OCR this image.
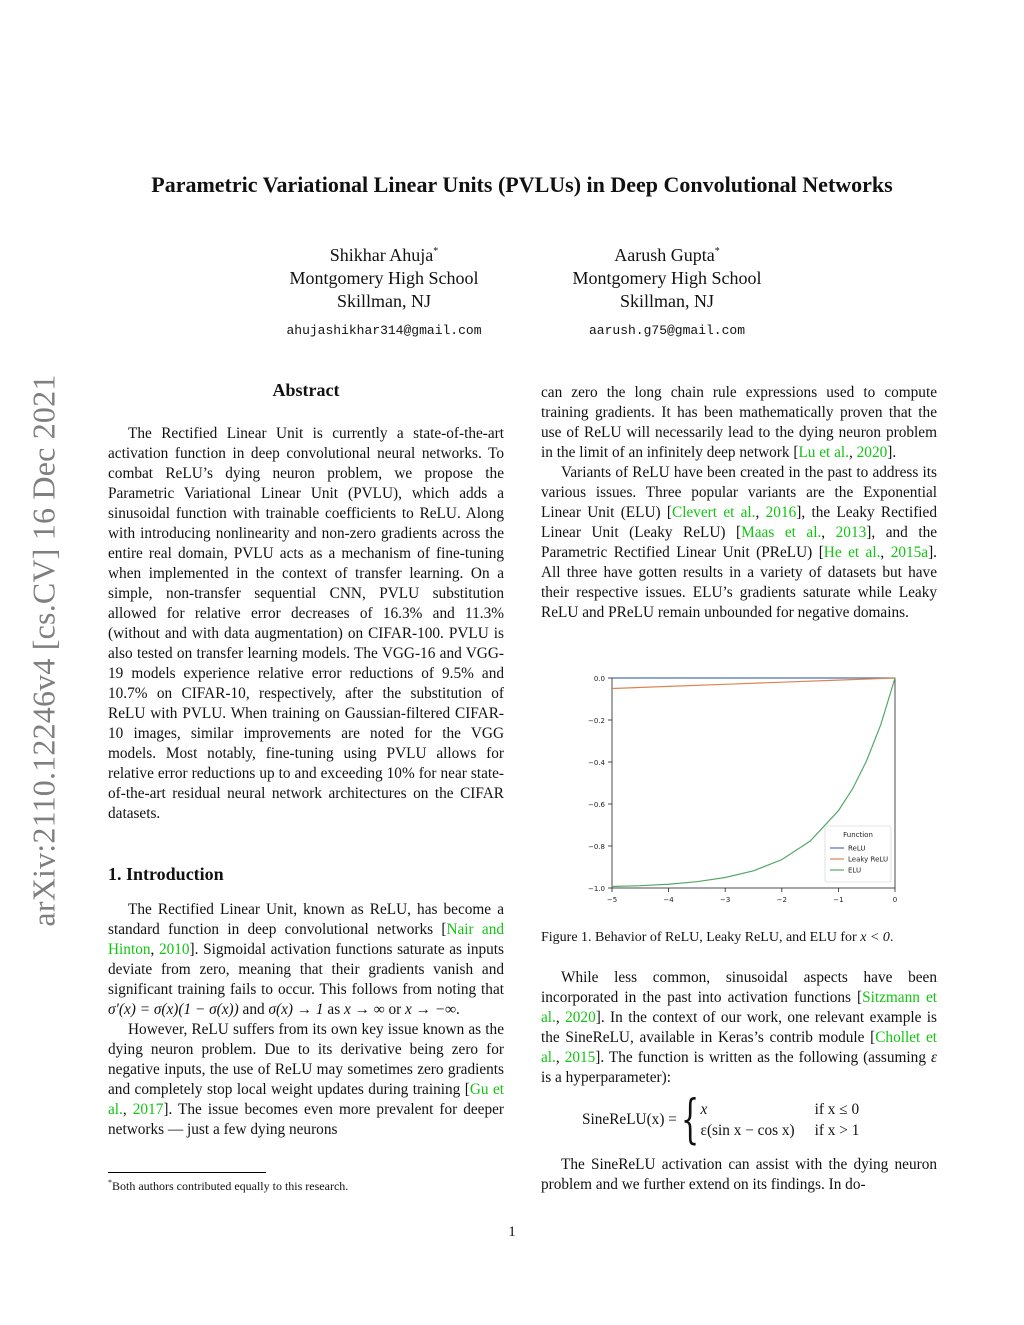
arXiv:2110.12246v4 [cs.CV] 16 Dec 2021
Parametric Variational Linear Units (PVLUs) in Deep Convolutional Networks
Shikhar Ahuja*
Montgomery High School
Skillman, NJ
ahujashikhar314@gmail.com
Aarush Gupta*
Montgomery High School
Skillman, NJ
aarush.g75@gmail.com
Abstract

The Rectified Linear Unit is currently a state-of-the-art activation function in deep convolutional neural networks. To combat ReLU’s dying neuron problem, we propose the Parametric Variational Linear Unit (PVLU), which adds a sinusoidal function with trainable coefficients to ReLU. Along with introducing nonlinearity and non-zero gradients across the entire real domain, PVLU acts as a mechanism of fine-tuning when implemented in the context of transfer learning. On a simple, non-transfer sequential CNN, PVLU substitution allowed for relative error decreases of 16.3% and 11.3% (without and with data augmentation) on CIFAR-100. PVLU is also tested on transfer learning models. The VGG-16 and VGG-19 models experience relative error reductions of 9.5% and 10.7% on CIFAR-10, respectively, after the substitution of ReLU with PVLU. When training on Gaussian-filtered CIFAR-10 images, similar improvements are noted for the VGG models. Most notably, fine-tuning using PVLU allows for relative error reductions up to and exceeding 10% for near state-of-the-art residual neural network architectures on the CIFAR datasets.

1. Introduction

The Rectified Linear Unit, known as ReLU, has become a standard function in deep convolutional networks [Nair and Hinton, 2010]. Sigmoidal activation functions saturate as inputs deviate from zero, meaning that their gradients vanish and significant training fails to occur. This follows from noting that σ′(x) = σ(x)(1 − σ(x)) and σ(x) → 1 as x → ∞ or x → −∞.

However, ReLU suffers from its own key issue known as the dying neuron problem. Due to its derivative being zero for negative inputs, the use of ReLU may sometimes zero gradients and completely stop local weight updates during training [Gu et al., 2017]. The issue becomes even more prevalent for deeper networks — just a few dying neurons

*Both authors contributed equally to this research.

can zero the long chain rule expressions used to compute training gradients. It has been mathematically proven that the use of ReLU will necessarily lead to the dying neuron problem in the limit of an infinitely deep network [Lu et al., 2020].

Variants of ReLU have been created in the past to address its various issues. Three popular variants are the Exponential Linear Unit (ELU) [Clevert et al., 2016], the Leaky Rectified Linear Unit (Leaky ReLU) [Maas et al., 2013], and the Parametric Rectified Linear Unit (PReLU) [He et al., 2015a]. All three have gotten results in a variety of datasets but have their respective issues. ELU’s gradients saturate while Leaky ReLU and PReLU remain unbounded for negative domains.

0.0
−0.2
−0.4
−0.6
−0.8
−1.0
−5	−4	−3	−2	−1	0
Function
ReLU
Leaky ReLU
ELU
Figure 1. Behavior of ReLU, Leaky ReLU, and ELU for x < 0.

While less common, sinusoidal aspects have been incorporated in the past into activation functions [Sitzmann et al., 2020]. In the context of our work, one relevant example is the SineReLU, available in Keras’s contrib module [Chollet et al., 2015]. The function is written as the following (assuming ε is a hyperparameter):

SineReLU(x) = { x	if x ≤ 0
ε(sin x − cos x)	if x > 1

The SineReLU activation can assist with the dying neuron problem and we further extend on its findings. In do-

1
